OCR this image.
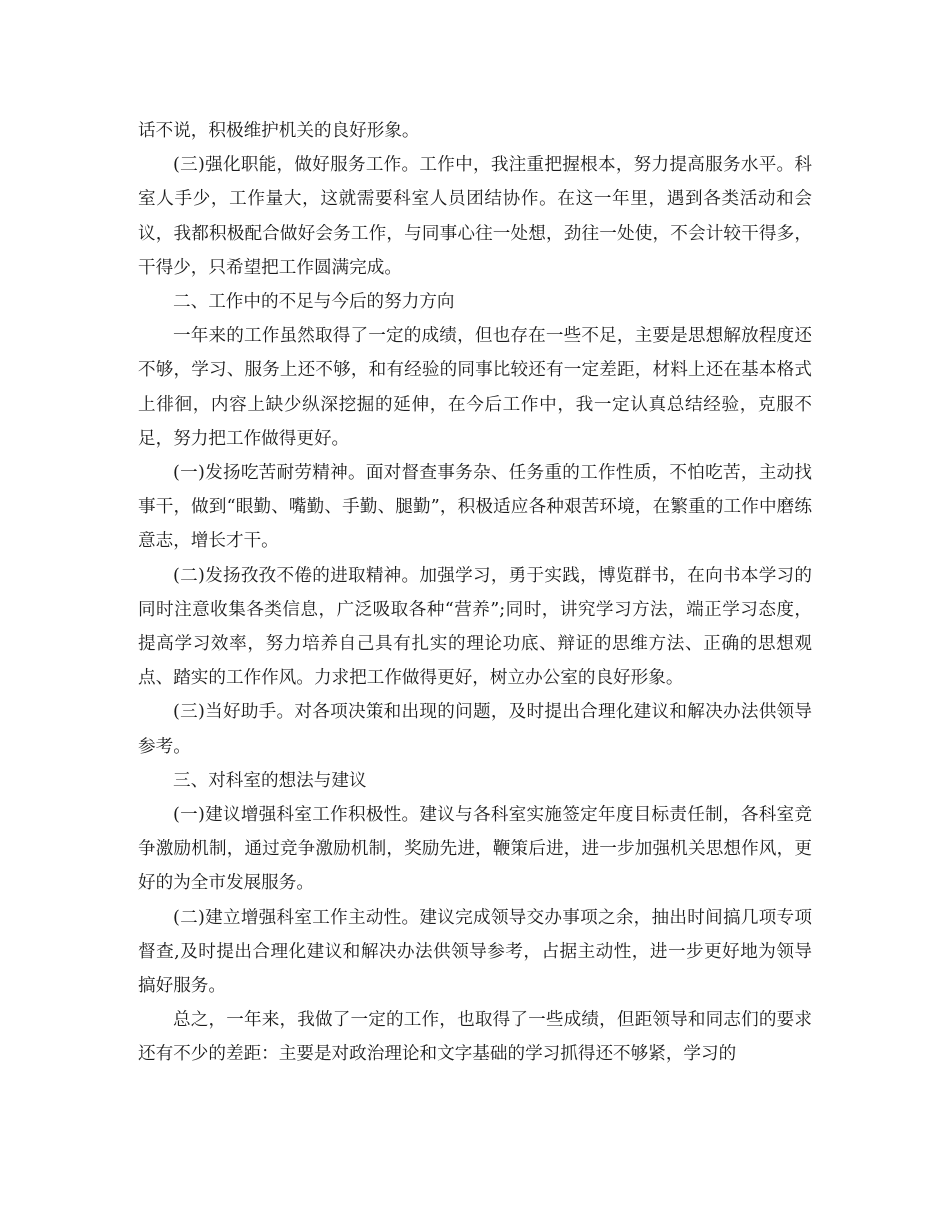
话不说，积极维护机关的良好形象。

(三)强化职能，做好服务工作。工作中，我注重把握根本，努力提高服务水平。科室人手少，工作量大，这就需要科室人员团结协作。在这一年里，遇到各类活动和会议，我都积极配合做好会务工作，与同事心往一处想，劲往一处使，不会计较干得多，干得少，只希望把工作圆满完成。

二、工作中的不足与今后的努力方向

一年来的工作虽然取得了一定的成绩，但也存在一些不足，主要是思想解放程度还不够，学习、服务上还不够，和有经验的同事比较还有一定差距，材料上还在基本格式上徘徊，内容上缺少纵深挖掘的延伸，在今后工作中，我一定认真总结经验，克服不足，努力把工作做得更好。

(一)发扬吃苦耐劳精神。面对督查事务杂、任务重的工作性质，不怕吃苦，主动找事干，做到“眼勤、嘴勤、手勤、腿勤”，积极适应各种艰苦环境，在繁重的工作中磨练意志，增长才干。

(二)发扬孜孜不倦的进取精神。加强学习，勇于实践，博览群书，在向书本学习的同时注意收集各类信息，广泛吸取各种“营养”;同时，讲究学习方法，端正学习态度，提高学习效率，努力培养自己具有扎实的理论功底、辩证的思维方法、正确的思想观点、踏实的工作作风。力求把工作做得更好，树立办公室的良好形象。

(三)当好助手。对各项决策和出现的问题，及时提出合理化建议和解决办法供领导参考。

三、对科室的想法与建议

(一)建议增强科室工作积极性。建议与各科室实施签定年度目标责任制，各科室竞争激励机制，通过竞争激励机制，奖励先进，鞭策后进，进一步加强机关思想作风，更好的为全市发展服务。

(二)建立增强科室工作主动性。建议完成领导交办事项之余，抽出时间搞几项专项督查,及时提出合理化建议和解决办法供领导参考，占据主动性，进一步更好地为领导搞好服务。

总之，一年来，我做了一定的工作，也取得了一些成绩，但距领导和同志们的要求还有不少的差距：主要是对政治理论和文字基础的学习抓得还不够紧，学习的
